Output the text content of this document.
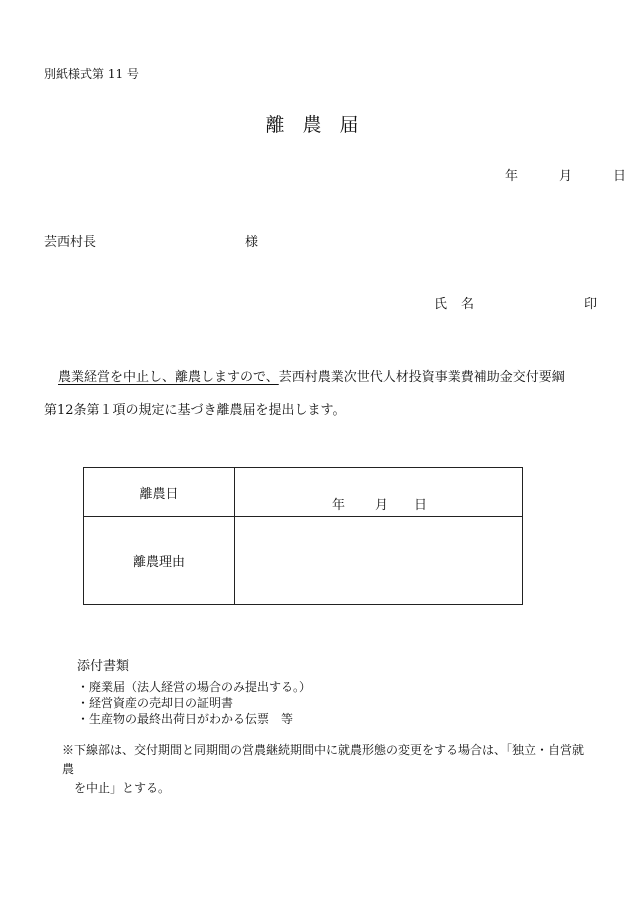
別紙様式第 11 号
離 農 届
年	月	日
芸西村長	様
氏名	印
農業経営を中止し、離農しますので、芸西村農業次世代人材投資事業費補助金交付要綱
第12条第１項の規定に基づき離農届を提出します。
離農日	年 月 日

離農理由	
添付書類
・廃業届（法人経営の場合のみ提出する。）
・経営資産の売却日の証明書
・生産物の最終出荷日がわかる伝票　等
※下線部は、交付期間と同期間の営農継続期間中に就農形態の変更をする場合は、「独立・自営就農
を中止」とする。
